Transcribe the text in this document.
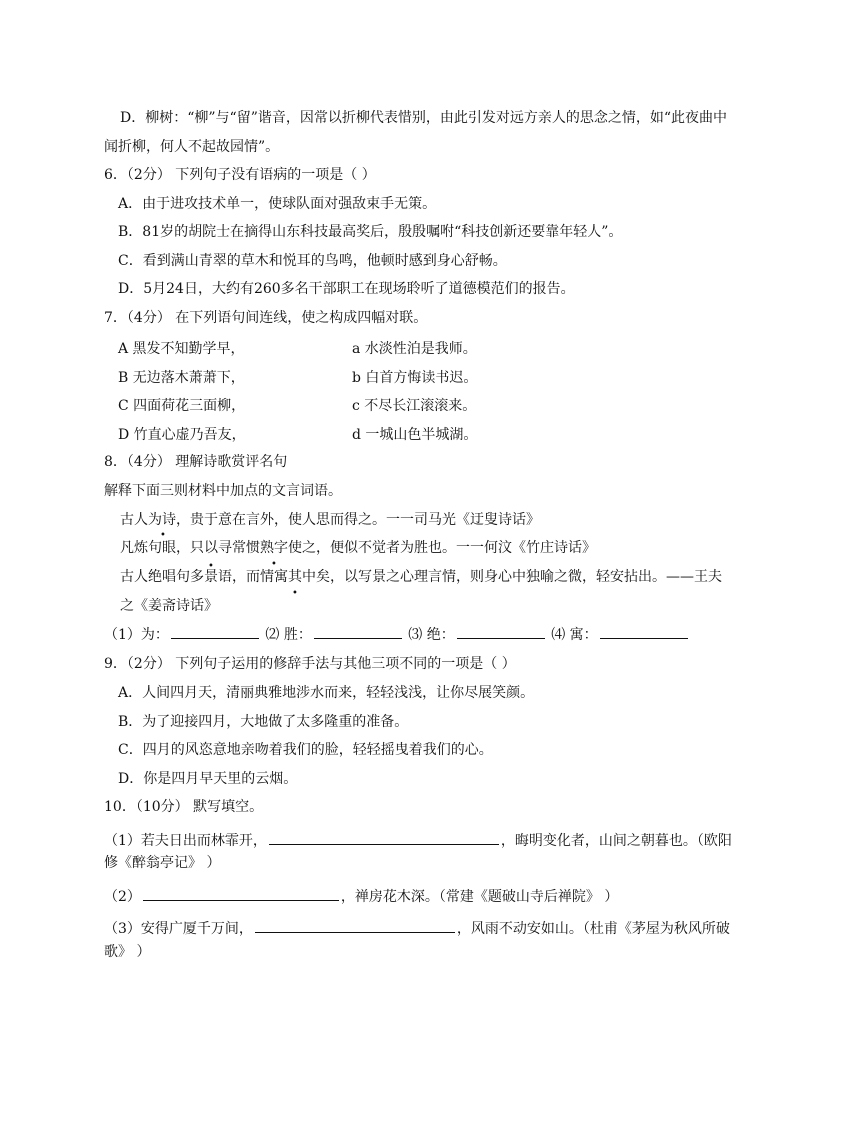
D．柳树：“柳”与“留”谐音，因常以折柳代表惜别，由此引发对远方亲人的思念之情，如“此夜曲中
闻折柳，何人不起故园情”。
6．（2分） 下列句子没有语病的一项是（ ）
A．由于进攻技术单一，使球队面对强敌束手无策。
B．81岁的胡院士在摘得山东科技最高奖后，殷殷嘱咐“科技创新还要靠年轻人”。
C．看到满山青翠的草木和悦耳的鸟鸣，他顿时感到身心舒畅。
D．5月24日，大约有260多名干部职工在现场聆听了道德模范们的报告。
7．（4分） 在下列语句间连线，使之构成四幅对联。
A 黑发不知勤学早，	a 水淡性泊是我师。
B 无边落木萧萧下，	b 白首方悔读书迟。
C 四面荷花三面柳，	c 不尽长江滚滚来。
D 竹直心虚乃吾友，	d 一城山色半城湖。
8．（4分） 理解诗歌赏评名句
解释下面三则材料中加点的文言词语。
古人为诗，贵于意在言外，使人思而得之。一一司马光《迂叟诗话》
•
凡炼句眼，只以寻常惯熟字使之，便似不觉者为胜也。一一何汶《竹庄诗话》
•
古人绝唱句多景语，而情寓其中矣，以写景之心理言情，则身心中独喻之微，轻安拈出。——王夫
•
之《姜斋诗话》
•
（1）为：	⑵ 胜：	⑶ 绝：	⑷ 寓：
9．（2分） 下列句子运用的修辞手法与其他三项不同的一项是（ ）
A．人间四月天，清丽典雅地涉水而来，轻轻浅浅，让你尽展笑颜。
B．为了迎接四月，大地做了太多隆重的准备。
C．四月的风恣意地亲吻着我们的脸，轻轻摇曳着我们的心。
D．你是四月早天里的云烟。
10．（10分） 默写填空。
（1）若夫日出而林霏开，	，晦明变化者，山间之朝暮也。（欧阳
修《醉翁亭记》 ）
（2）	，禅房花木深。（常建《题破山寺后禅院》 ）
（3）安得广厦千万间，	，风雨不动安如山。（杜甫《茅屋为秋风所破
歌》 ）
